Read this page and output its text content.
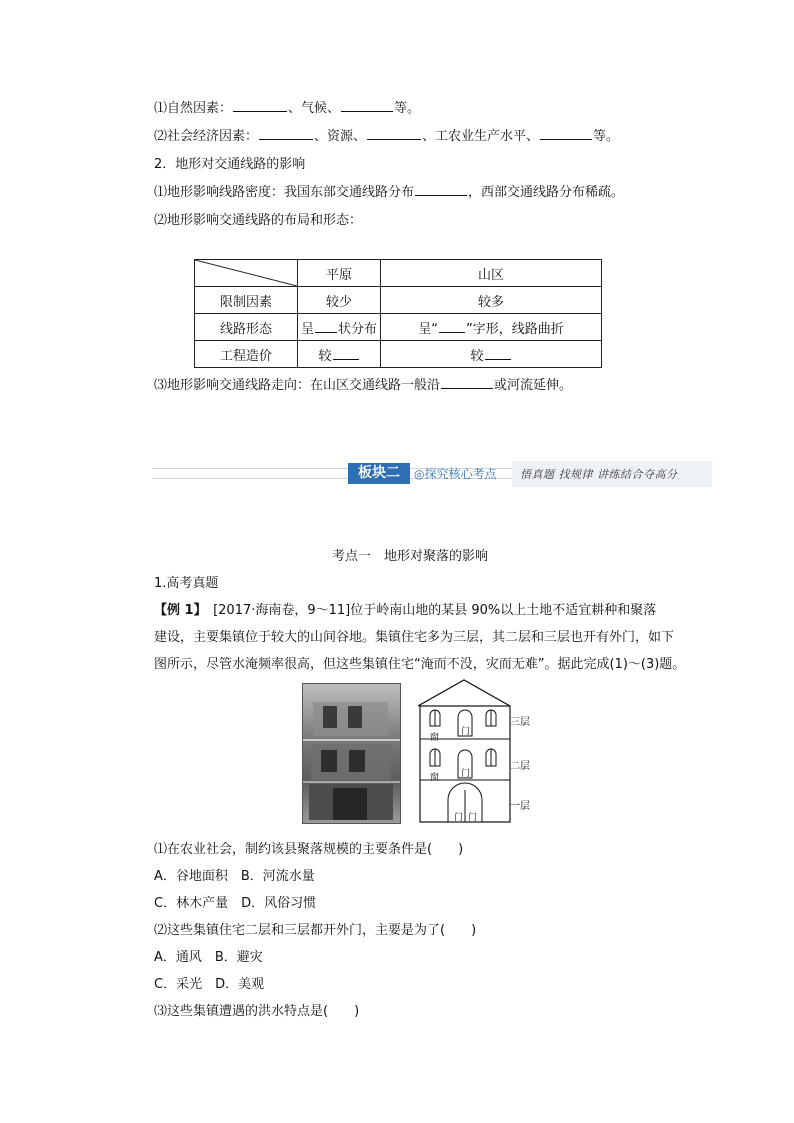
⑴自然因素：	、气候、	等。
⑵社会经济因素：	、资源、	、工农业生产水平、	等。
2．地形对交通线路的影响
⑴地形影响线路密度：我国东部交通线路分布	，西部交通线路分布稀疏。
⑵地形影响交通线路的布局和形态：
	平原	山区
限制因素	较少	较多
线路形态	呈 状分布	呈“ ”字形，线路曲折
工程造价	较	较
⑶地形影响交通线路走向：在山区交通线路一般沿	或河流延伸。
板块二	◎探究核心考点 悟真题 找规律 讲练结合夺高分
考点一　地形对聚落的影响
1.高考真题
【例 1】　[2017·海南卷，9～11]位于岭南山地的某县 90%以上土地不适宜耕种和聚落
建设，主要集镇位于较大的山间谷地。集镇住宅多为三层，其二层和三层也开有外门，如下
图所示，尽管水淹频率很高，但这些集镇住宅“淹而不没，灾而无难”。据此完成(1)～(3)题。
窗
门
窗 门
门 门
三层
二层
一层
⑴在农业社会，制约该县聚落规模的主要条件是(　　)
A．谷地面积　B．河流水量
C．林木产量　D．风俗习惯
⑵这些集镇住宅二层和三层都开外门，主要是为了(　　)
A．通风　B．避灾
C．采光　D．美观
⑶这些集镇遭遇的洪水特点是(　　)
